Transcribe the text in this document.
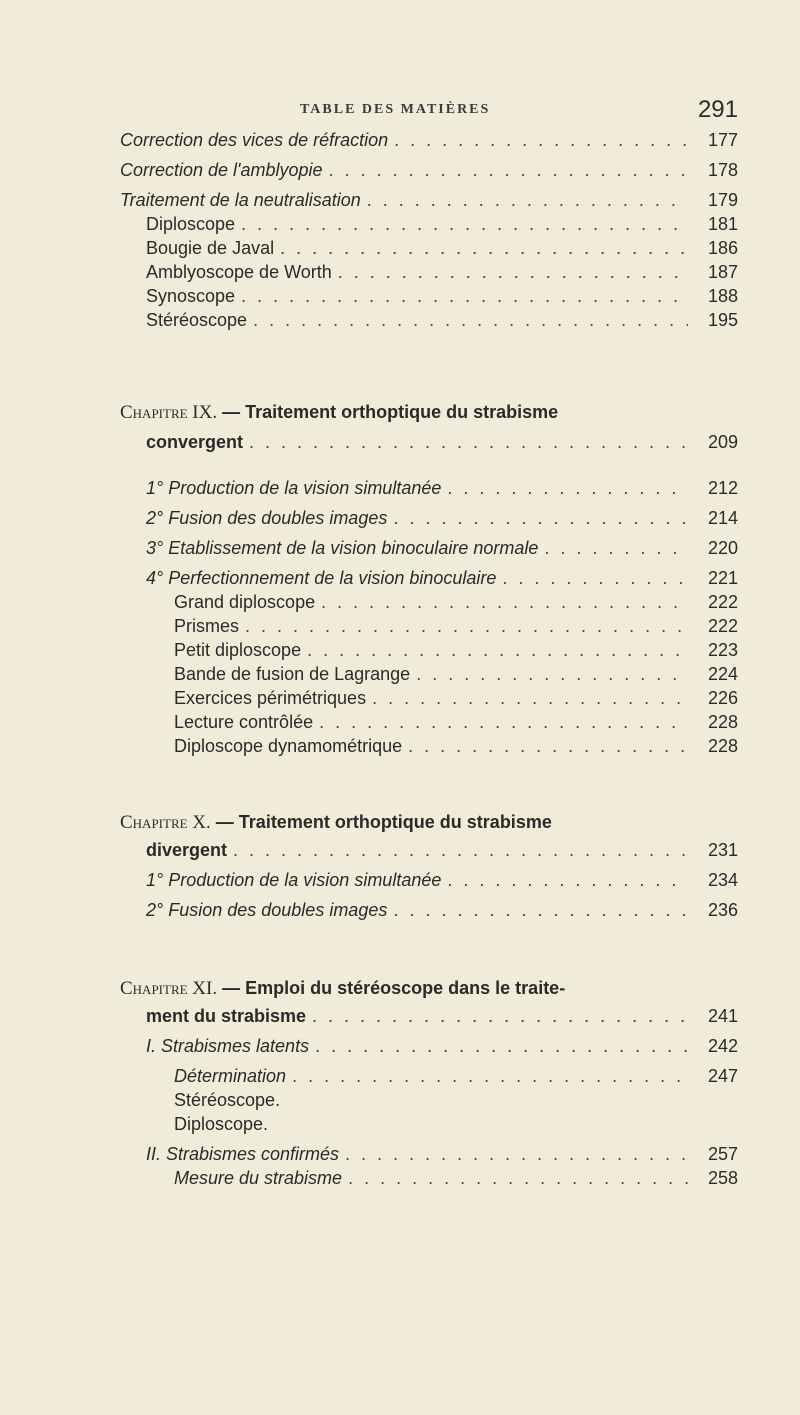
TABLE DES MATIÈRES	291
Correction des vices de réfraction . . .	177
Correction de l'amblyopie . . .	178
Traitement de la neutralisation . . .	179
Diploscope . . .	181
Bougie de Javal . . .	186
Amblyoscope de Worth . . .	187
Synoscope . . .	188
Stéréoscope . . .	195
Chapitre IX. — Traitement orthoptique du strabisme
convergent . . .	209
1° Production de la vision simultanée . . .	212
2° Fusion des doubles images . . .	214
3° Etablissement de la vision binoculaire normale . . .	220
4° Perfectionnement de la vision binoculaire . . .	221
Grand diploscope . . .	222
Prismes . . .	222
Petit diploscope . . .	223
Bande de fusion de Lagrange . . .	224
Exercices périmétriques . . .	226
Lecture contrôlée . . .	228
Diploscope dynamométrique . . .	228
Chapitre X. — Traitement orthoptique du strabisme
divergent . . .	231
1° Production de la vision simultanée . . .	234
2° Fusion des doubles images . . .	236
Chapitre XI. — Emploi du stéréoscope dans le traite-
ment du strabisme . . .	241
I. Strabismes latents . . .	242
Détermination . . .	247
Stéréoscope.
Diploscope.
II. Strabismes confirmés . . .	257
Mesure du strabisme . . .	258
